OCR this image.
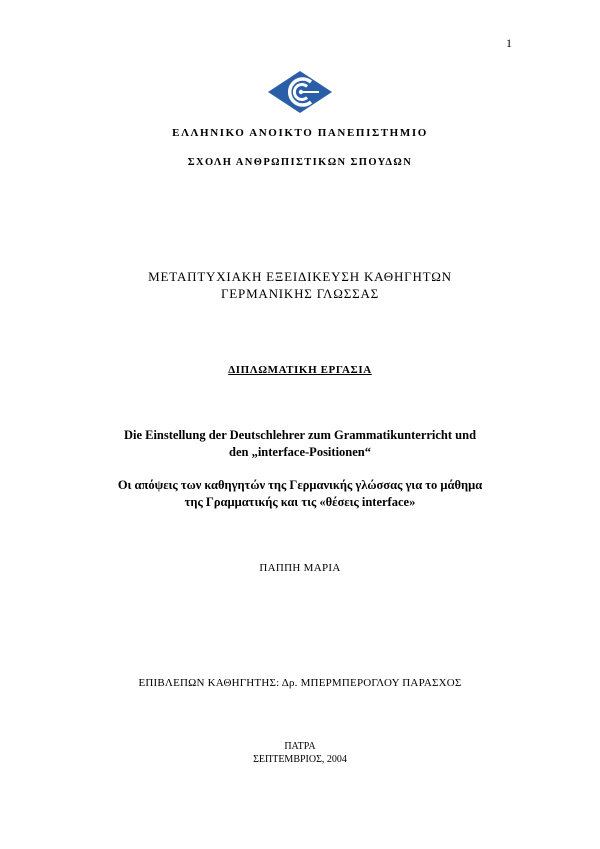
1
ΕΛΛΗΝΙΚΟ ΑΝΟΙΚΤΟ ΠΑΝΕΠΙΣΤΗΜΙΟ
ΣΧΟΛΗ ΑΝΘΡΩΠΙΣΤΙΚΩΝ ΣΠΟΥΔΩΝ
ΜΕΤΑΠΤΥΧΙΑΚΗ ΕΞΕΙΔΙΚΕΥΣΗ ΚΑΘΗΓΗΤΩΝ
ΓΕΡΜΑΝΙΚΗΣ ΓΛΩΣΣΑΣ
ΔΙΠΛΩΜΑΤΙΚΗ ΕΡΓΑΣΙΑ
Die Einstellung der Deutschlehrer zum Grammatikunterricht und
den „interface-Positionen“
Οι απόψεις των καθηγητών της Γερμανικής γλώσσας για το μάθημα
της Γραμματικής και τις «θέσεις interface»
ΠΑΠΠΗ ΜΑΡΙΑ
ΕΠΙΒΛΕΠΩΝ ΚΑΘΗΓΗΤΗΣ: Δρ. ΜΠΕΡΜΠΕΡΟΓΛΟΥ ΠΑΡΑΣΧΟΣ
ΠΑΤΡΑ
ΣΕΠΤΕΜΒΡΙΟΣ, 2004
